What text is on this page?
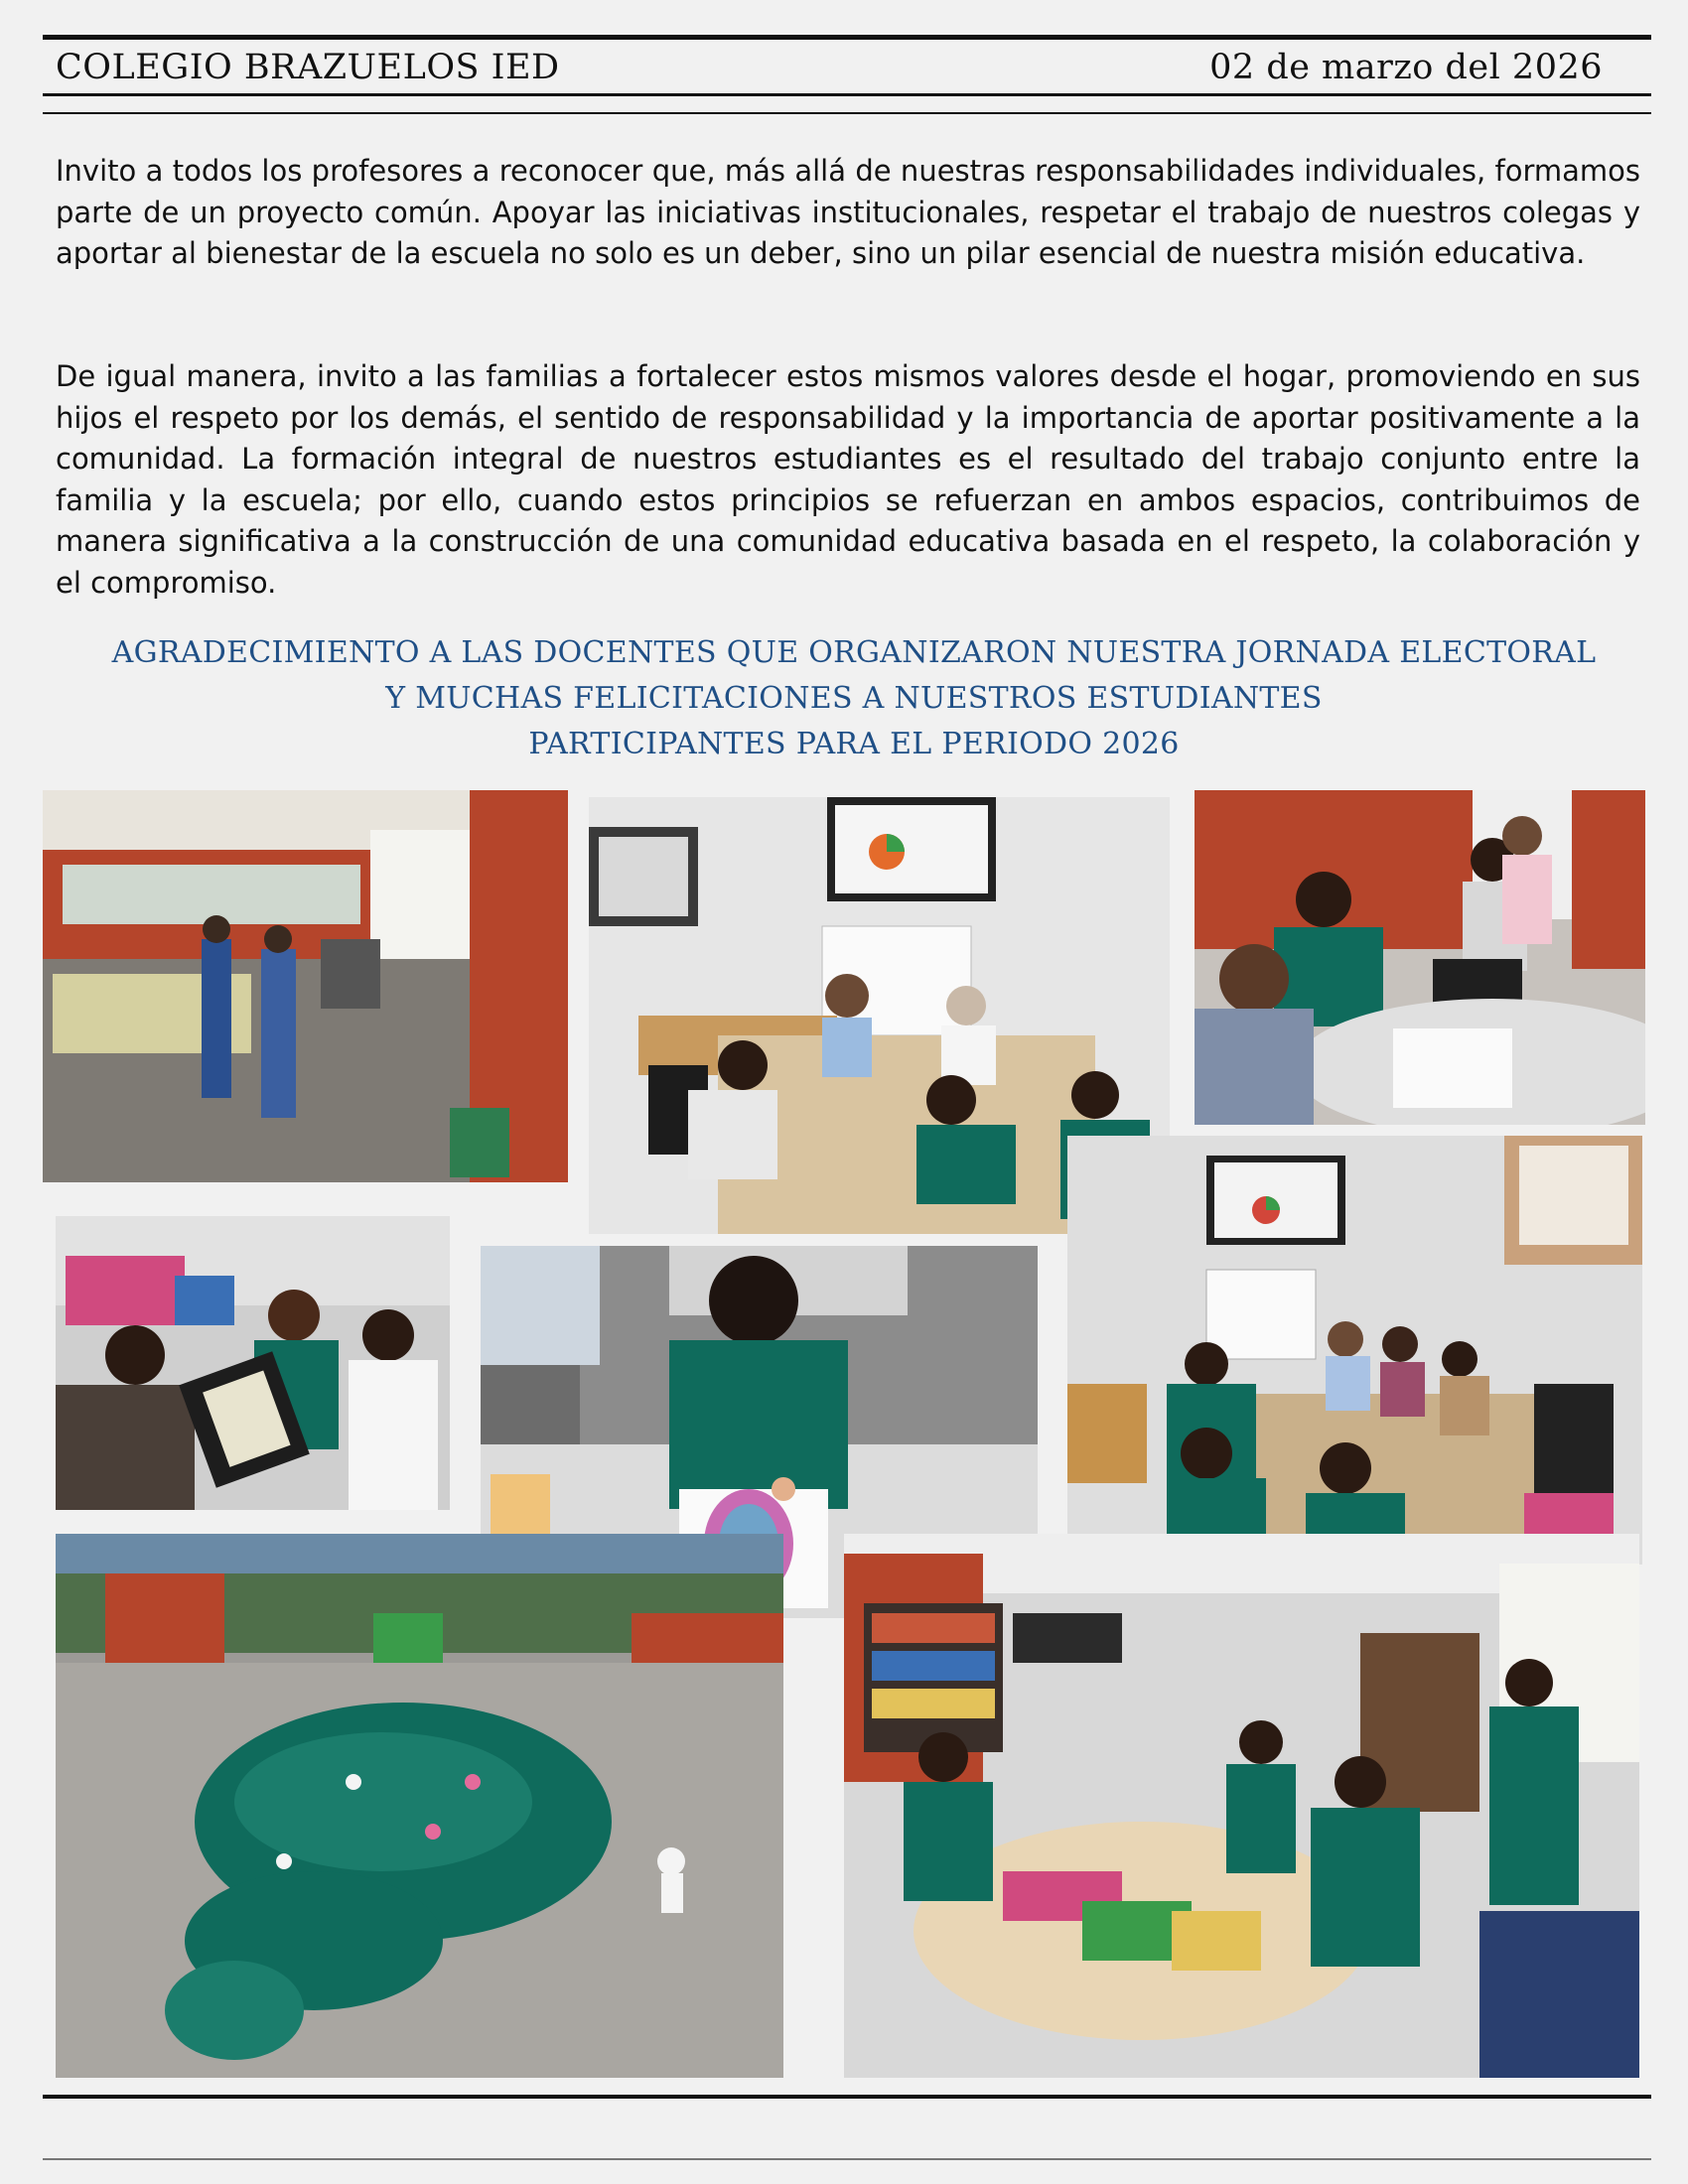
COLEGIO BRAZUELOS IED	02 de marzo del 2026

Invito a todos los profesores a reconocer que, más allá de nuestras responsabilidades individuales, formamos parte de un proyecto común. Apoyar las iniciativas institucionales, respetar el trabajo de nuestros colegas y aportar al bienestar de la escuela no solo es un deber, sino un pilar esencial de nuestra misión educativa.

De igual manera, invito a las familias a fortalecer estos mismos valores desde el hogar, promoviendo en sus hijos el respeto por los demás, el sentido de responsabilidad y la importancia de aportar positivamente a la comunidad. La formación integral de nuestros estudiantes es el resultado del trabajo conjunto entre la familia y la escuela; por ello, cuando estos principios se refuerzan en ambos espacios, contribuimos de manera significativa a la construcción de una comunidad educativa basada en el respeto, la colaboración y el compromiso.

AGRADECIMIENTO A LAS DOCENTES QUE ORGANIZARON NUESTRA JORNADA ELECTORAL
Y MUCHAS FELICITACIONES A NUESTROS ESTUDIANTES
PARTICIPANTES PARA EL PERIODO 2026
